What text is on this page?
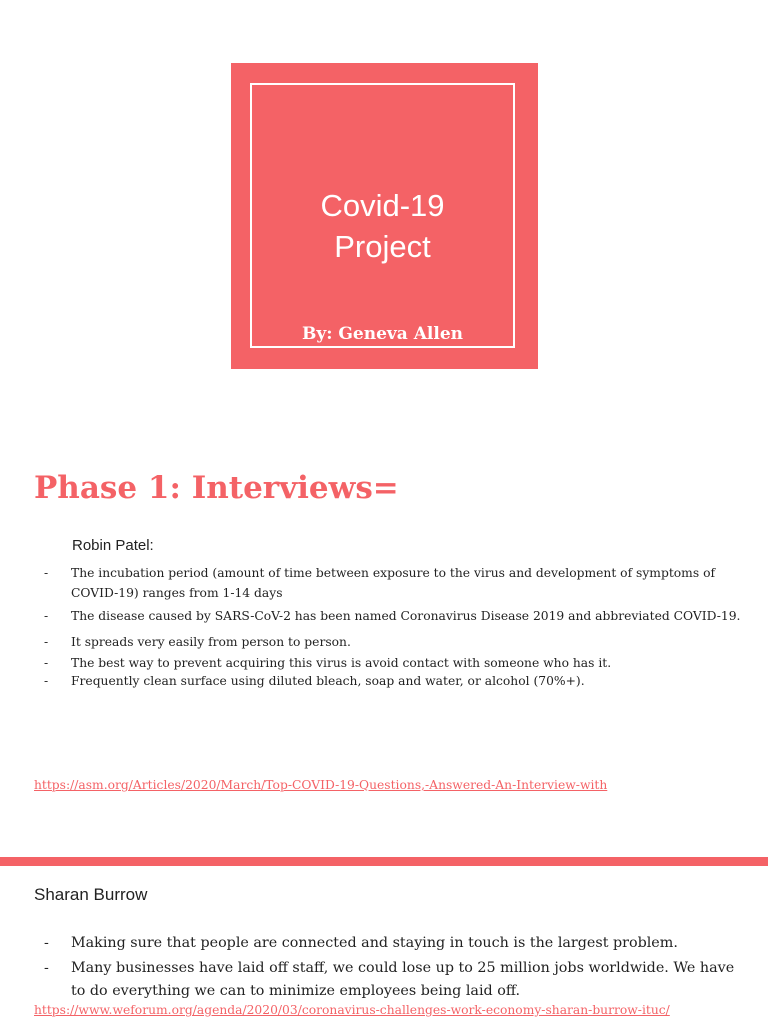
Covid-19
Project
By: Geneva Allen
Phase 1: Interviews=
Robin Patel:
-	The incubation period (amount of time between exposure to the virus and development of symptoms of COVID-19) ranges from 1-14 days
-	The disease caused by SARS-CoV-2 has been named Coronavirus Disease 2019 and abbreviated COVID-19.
-	It spreads very easily from person to person.
-	The best way to prevent acquiring this virus is avoid contact with someone who has it.
-	Frequently clean surface using diluted bleach, soap and water, or alcohol (70%+).
https://asm.org/Articles/2020/March/Top-COVID-19-Questions,-Answered-An-Interview-with
Sharan Burrow
-	Making sure that people are connected and staying in touch is the largest problem.
-	Many businesses have laid off staff, we could lose up to 25 million jobs worldwide. We have to do everything we can to minimize employees being laid off.
https://www.weforum.org/agenda/2020/03/coronavirus-challenges-work-economy-sharan-burrow-ituc/
